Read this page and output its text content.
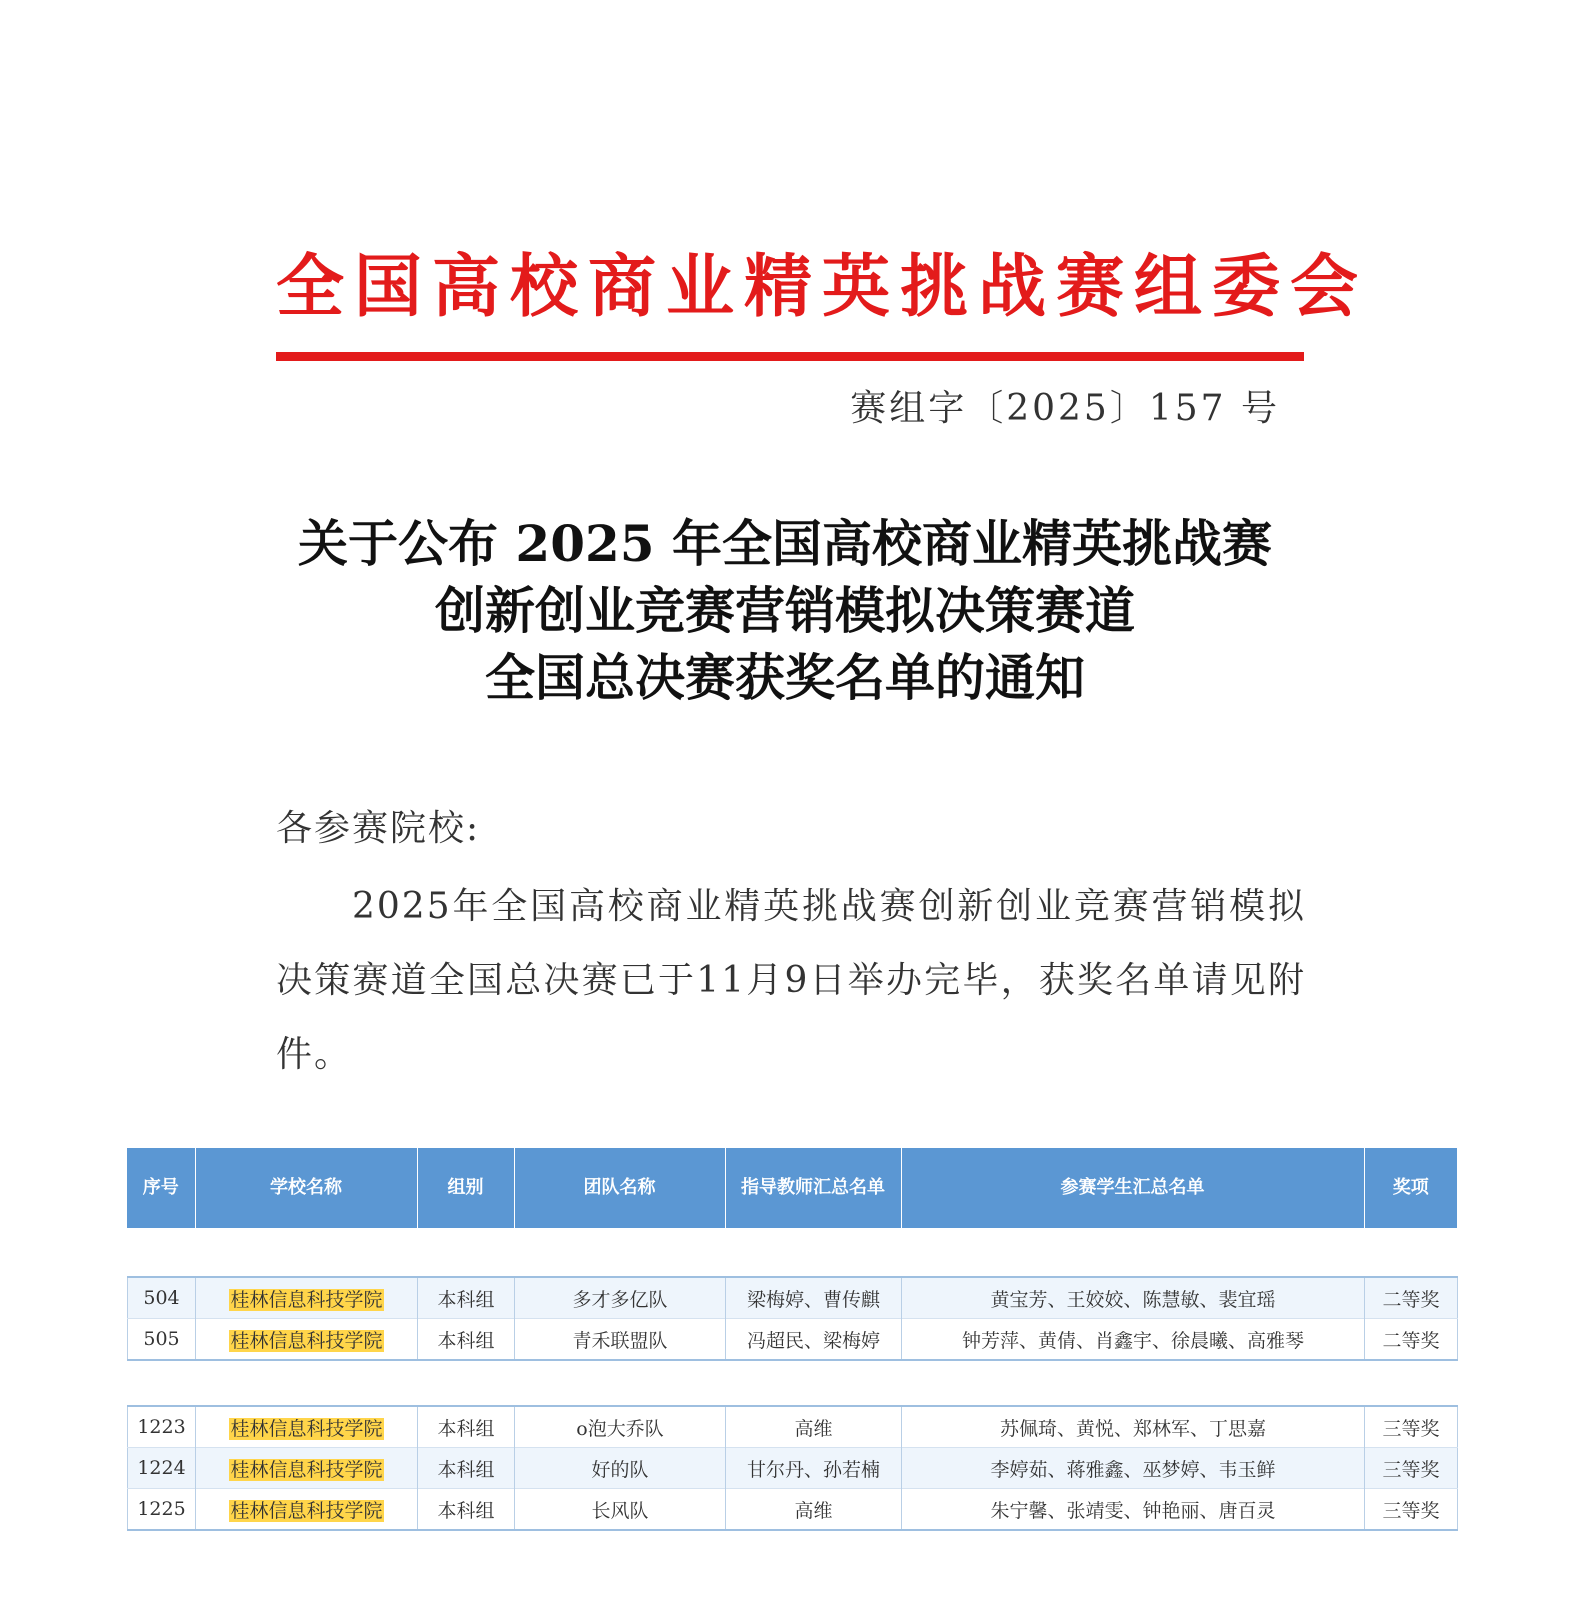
全国高校商业精英挑战赛组委会
赛组字〔2025〕157 号
关于公布 2025 年全国高校商业精英挑战赛
创新创业竞赛营销模拟决策赛道
全国总决赛获奖名单的通知
各参赛院校:
2025年全国高校商业精英挑战赛创新创业竞赛营销模拟决策赛道全国总决赛已于11月9日举办完毕，获奖名单请见附件。
序号	学校名称	组别	团队名称	指导教师汇总名单	参赛学生汇总名单	奖项
504	桂林信息科技学院	本科组	多才多亿队	梁梅婷、曹传麒	黄宝芳、王姣姣、陈慧敏、裴宜瑶	二等奖
505	桂林信息科技学院	本科组	青禾联盟队	冯超民、梁梅婷	钟芳萍、黄倩、肖鑫宇、徐晨曦、高雅琴	二等奖
1223	桂林信息科技学院	本科组	o泡大乔队	高维	苏佩琦、黄悦、郑林军、丁思嘉	三等奖
1224	桂林信息科技学院	本科组	好的队	甘尔丹、孙若楠	李婷茹、蒋雅鑫、巫梦婷、韦玉鲜	三等奖
1225	桂林信息科技学院	本科组	长风队	高维	朱宁馨、张靖雯、钟艳丽、唐百灵	三等奖
